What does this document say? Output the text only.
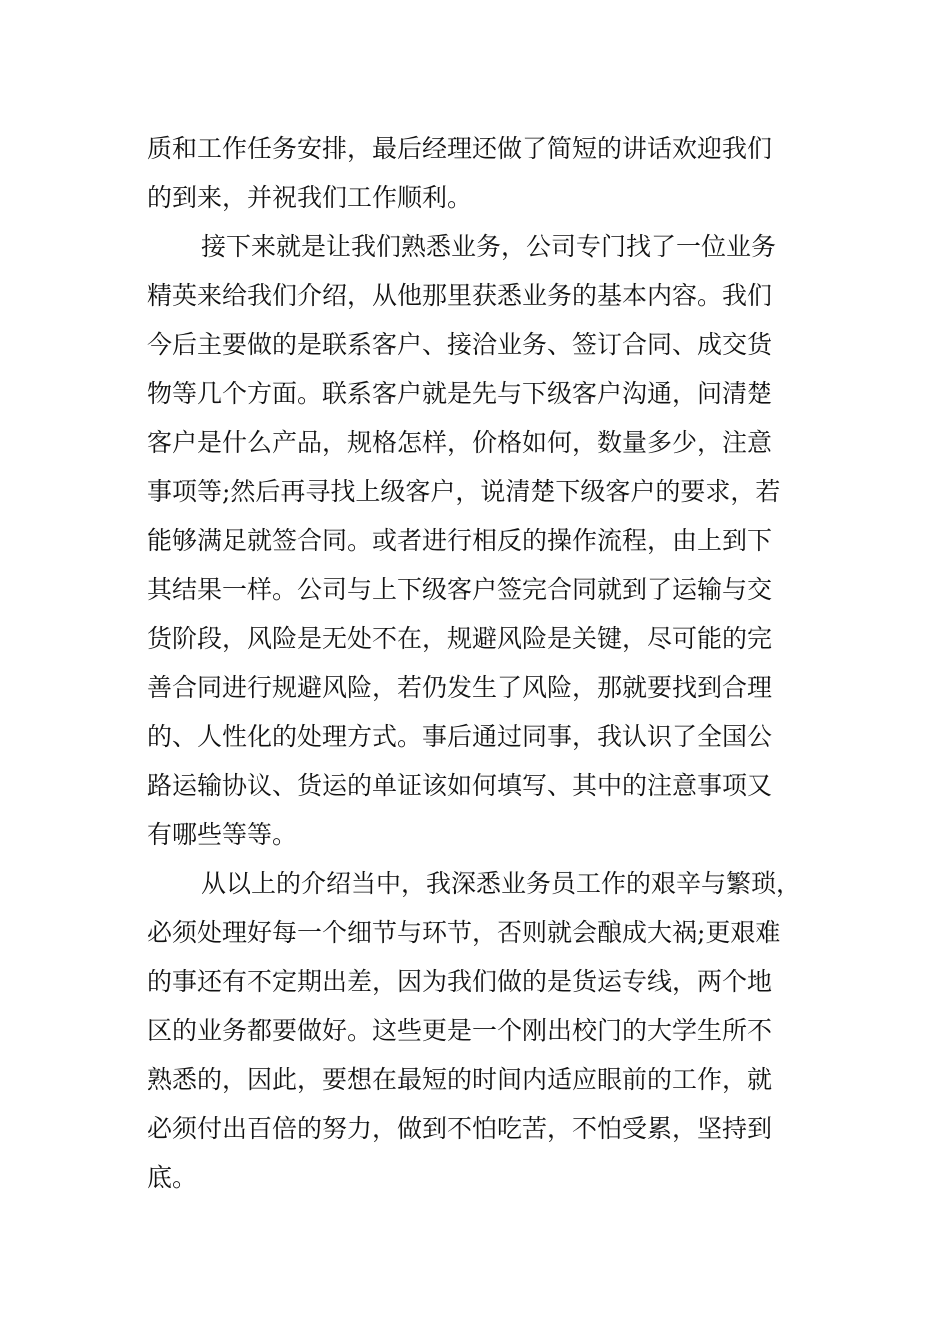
质和工作任务安排，最后经理还做了简短的讲话欢迎我们
的到来，并祝我们工作顺利。
接下来就是让我们熟悉业务，公司专门找了一位业务
精英来给我们介绍，从他那里获悉业务的基本内容。我们
今后主要做的是联系客户、接洽业务、签订合同、成交货
物等几个方面。联系客户就是先与下级客户沟通，问清楚
客户是什么产品，规格怎样，价格如何，数量多少，注意
事项等;然后再寻找上级客户，说清楚下级客户的要求，若
能够满足就签合同。或者进行相反的操作流程，由上到下
其结果一样。公司与上下级客户签完合同就到了运输与交
货阶段，风险是无处不在，规避风险是关键，尽可能的完
善合同进行规避风险，若仍发生了风险，那就要找到合理
的、人性化的处理方式。事后通过同事，我认识了全国公
路运输协议、货运的单证该如何填写、其中的注意事项又
有哪些等等。
从以上的介绍当中，我深悉业务员工作的艰辛与繁琐，
必须处理好每一个细节与环节，否则就会酿成大祸;更艰难
的事还有不定期出差，因为我们做的是货运专线，两个地
区的业务都要做好。这些更是一个刚出校门的大学生所不
熟悉的，因此，要想在最短的时间内适应眼前的工作，就
必须付出百倍的努力，做到不怕吃苦，不怕受累，坚持到
底。
